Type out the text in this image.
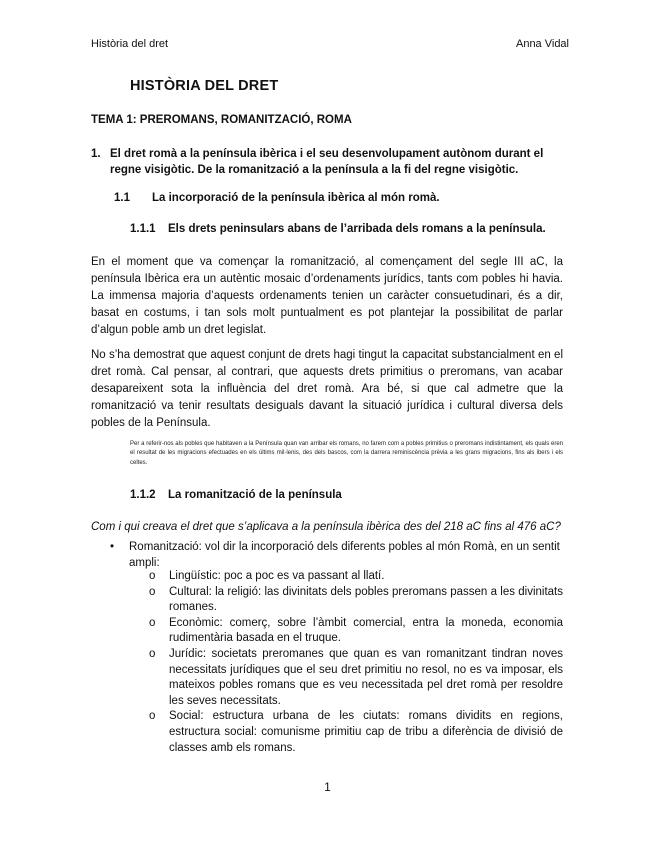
Història del dret	Anna Vidal
HISTÒRIA DEL DRET
TEMA 1: PREROMANS, ROMANITZACIÓ, ROMA
1. El dret romà a la península ibèrica i el seu desenvolupament autònom durant el regne visigòtic. De la romanització a la península a la fi del regne visigòtic.
1.1 La incorporació de la península ibèrica al món romà.
1.1.1 Els drets peninsulars abans de l’arribada dels romans a la península.
En el moment que va començar la romanització, al començament del segle III aC, la península Ibèrica era un autèntic mosaic d’ordenaments jurídics, tants com pobles hi havia. La immensa majoria d’aquests ordenaments tenien un caràcter consuetudinari, és a dir, basat en costums, i tan sols molt puntualment es pot plantejar la possibilitat de parlar d’algun poble amb un dret legislat.
No s’ha demostrat que aquest conjunt de drets hagi tingut la capacitat substancialment en el dret romà. Cal pensar, al contrari, que aquests drets primitius o preromans, van acabar desapareixent sota la influència del dret romà. Ara bé, si que cal admetre que la romanització va tenir resultats desiguals davant la situació jurídica i cultural diversa dels pobles de la Península.
Per a referir-nos als pobles que habitaven a la Península quan van arribar els romans, no farem com a pobles primitius o preromans indistintament, els quals eren el resultat de les migracions efectuades en els últims mil·lenis, des dels bascos, com la darrera reminiscència prèvia a les grans migracions, fins als ibers i els celtes.
1.1.2 La romanització de la península
Com i qui creava el dret que s’aplicava a la península ibèrica des del 218 aC fins al 476 aC?
• Romanització: vol dir la incorporació dels diferents pobles al món Romà, en un sentit ampli:
o Lingüístic: poc a poc es va passant al llatí.
o Cultural: la religió: las divinitats dels pobles preromans passen a les divinitats romanes.
o Econòmic: comerç, sobre l’àmbit comercial, entra la moneda, economia rudimentària basada en el truque.
o Jurídic: societats preromanes que quan es van romanitzant tindran noves necessitats jurídiques que el seu dret primitiu no resol, no es va imposar, els mateixos pobles romans que es veu necessitada pel dret romà per resoldre les seves necessitats.
o Social: estructura urbana de les ciutats: romans dividits en regions, estructura social: comunisme primitiu cap de tribu a diferència de divisió de classes amb els romans.
1
